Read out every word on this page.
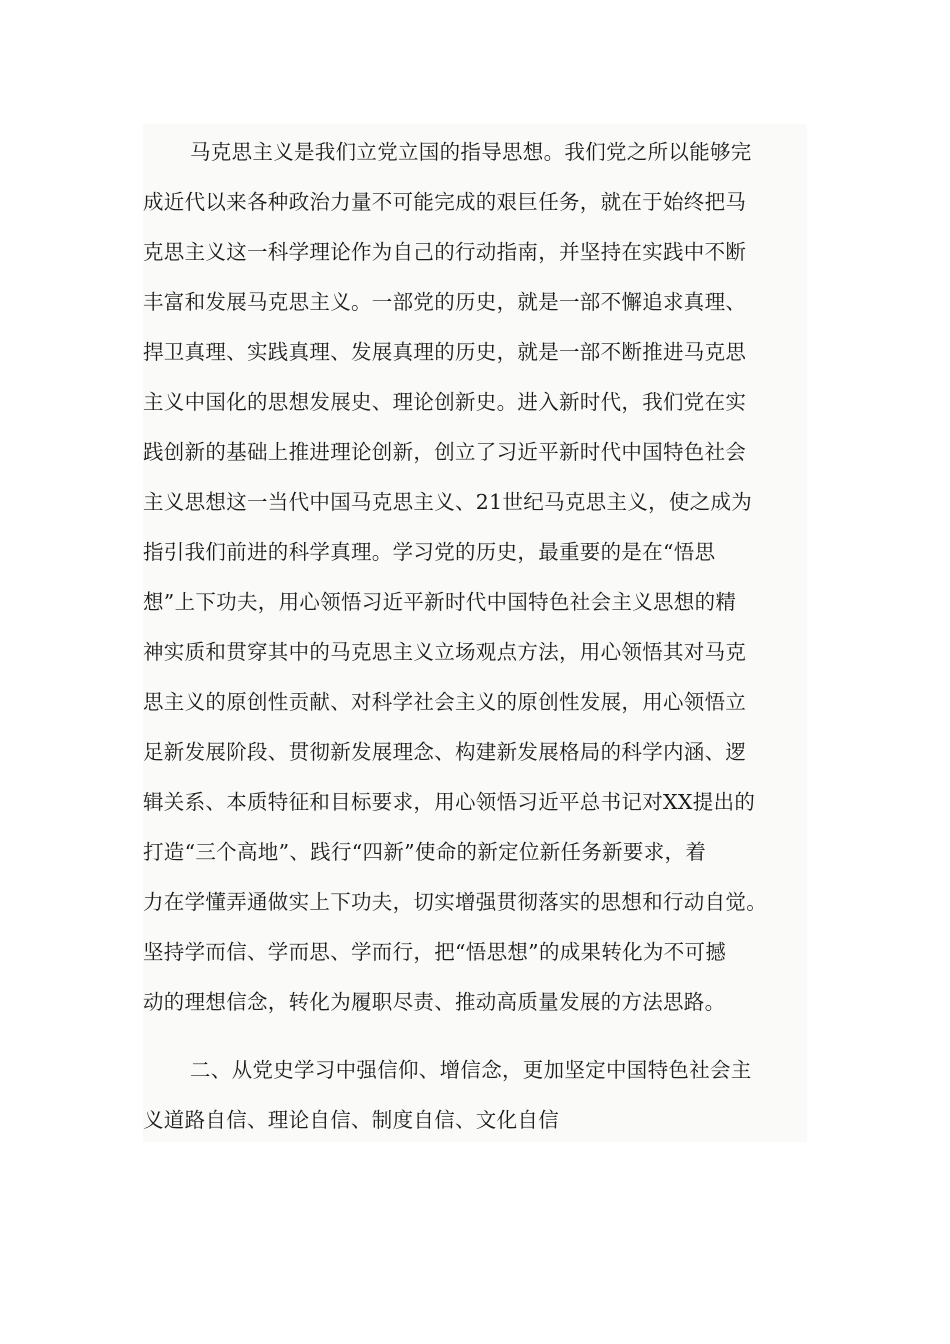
马克思主义是我们立党立国的指导思想。我们党之所以能够完
成近代以来各种政治力量不可能完成的艰巨任务，就在于始终把马
克思主义这一科学理论作为自己的行动指南，并坚持在实践中不断
丰富和发展马克思主义。一部党的历史，就是一部不懈追求真理、
捍卫真理、实践真理、发展真理的历史，就是一部不断推进马克思
主义中国化的思想发展史、理论创新史。进入新时代，我们党在实
践创新的基础上推进理论创新，创立了习近平新时代中国特色社会
主义思想这一当代中国马克思主义、21世纪马克思主义，使之成为
指引我们前进的科学真理。学习党的历史，最重要的是在“悟思
想”上下功夫，用心领悟习近平新时代中国特色社会主义思想的精
神实质和贯穿其中的马克思主义立场观点方法，用心领悟其对马克
思主义的原创性贡献、对科学社会主义的原创性发展，用心领悟立
足新发展阶段、贯彻新发展理念、构建新发展格局的科学内涵、逻
辑关系、本质特征和目标要求，用心领悟习近平总书记对XX提出的
打造“三个高地”、践行“四新”使命的新定位新任务新要求，着
力在学懂弄通做实上下功夫，切实增强贯彻落实的思想和行动自觉。
坚持学而信、学而思、学而行，把“悟思想”的成果转化为不可撼
动的理想信念，转化为履职尽责、推动高质量发展的方法思路。
二、从党史学习中强信仰、增信念，更加坚定中国特色社会主
义道路自信、理论自信、制度自信、文化自信
